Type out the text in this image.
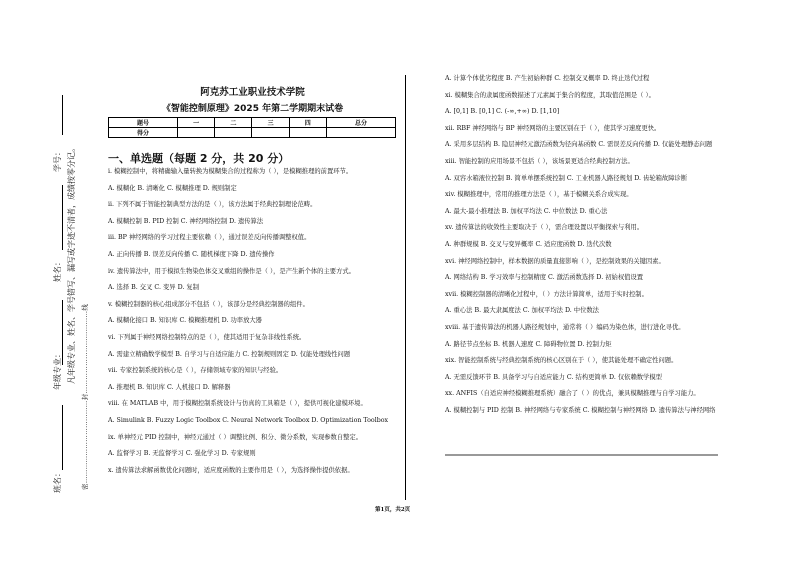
学号：
姓名：
年级专业：
班名：
凡年级专业、姓名、学号错写、漏写或字迹不清者，成绩按零分记。
密………………………………封………………………………线
阿克苏工业职业技术学院
《智能控制原理》2025 年第二学期期末试卷
题号	一	二	三	四	总分
得分					
一、单选题（每题 2 分，共 20 分）

i. 模糊控制中，将精确输入量转换为模糊集合的过程称为（ ），是模糊推理的前置环节。

A. 模糊化 B. 清晰化 C. 模糊推理 D. 规则制定

ii. 下列不属于智能控制典型方法的是（ ），该方法属于经典控制理论范畴。

A. 模糊控制 B. PID 控制 C. 神经网络控制 D. 遗传算法

iii. BP 神经网络的学习过程主要依赖（ ），通过误差反向传播调整权值。

A. 正向传播 B. 误差反向传播 C. 随机梯度下降 D. 遗传操作

iv. 遗传算法中，用于模拟生物染色体交叉重组的操作是（ ），是产生新个体的主要方式。

A. 选择 B. 交叉 C. 变异 D. 复制

v. 模糊控制器的核心组成部分不包括（ ），该部分是经典控制器的组件。

A. 模糊化接口 B. 知识库 C. 模糊推理机 D. 功率放大器

vi. 下列属于神经网络控制特点的是（ ），使其适用于复杂非线性系统。

A. 需建立精确数学模型 B. 自学习与自适应能力 C. 控制规则固定 D. 仅能处理线性问题

vii. 专家控制系统的核心是（ ），存储领域专家的知识与经验。

A. 推理机 B. 知识库 C. 人机接口 D. 解释器

viii. 在 MATLAB 中，用于模糊控制系统设计与仿真的工具箱是（ ），提供可视化建模环境。

A. Simulink B. Fuzzy Logic Toolbox C. Neural Network Toolbox D. Optimization Toolbox

ix. 单神经元 PID 控制中，神经元通过（ ）调整比例、积分、微分系数，实现参数自整定。

A. 监督学习 B. 无监督学习 C. 强化学习 D. 专家规则

x. 遗传算法求解函数优化问题时，适应度函数的主要作用是（ ），为选择操作提供依据。

A. 计算个体优劣程度 B. 产生初始种群 C. 控制交叉概率 D. 终止迭代过程

xi. 模糊集合的隶属度函数描述了元素属于集合的程度，其取值范围是（ ）。

A. [0,1] B. [0,1] C. (-∞,+∞) D. [1,10]

xii. RBF 神经网络与 BP 神经网络的主要区别在于（ ），使其学习速度更快。

A. 采用多层结构 B. 隐层神经元激活函数为径向基函数 C. 需误差反向传播 D. 仅能处理静态问题

xiii. 智能控制的应用场景不包括（ ），该场景更适合经典控制方法。

A. 双容水箱液位控制 B. 简单单摆系统控制 C. 工业机器人路径规划 D. 齿轮箱故障诊断

xiv. 模糊推理中，常用的推理方法是（ ），基于模糊关系合成实现。

A. 最大-最小推理法 B. 加权平均法 C. 中位数法 D. 重心法

xv. 遗传算法的收敛性主要取决于（ ），需合理设置以平衡探索与利用。

A. 种群规模 B. 交叉与变异概率 C. 适应度函数 D. 迭代次数

xvi. 神经网络控制中，样本数据的质量直接影响（ ），是控制效果的关键因素。

A. 网络结构 B. 学习效率与控制精度 C. 激活函数选择 D. 初始权值设置

xvii. 模糊控制器的清晰化过程中，（ ）方法计算简单，适用于实时控制。

A. 重心法 B. 最大隶属度法 C. 加权平均法 D. 中位数法

xviii. 基于遗传算法的机器人路径规划中，通常将（ ）编码为染色体，进行进化寻优。

A. 路径节点坐标 B. 机器人速度 C. 障碍物位置 D. 控制力矩

xix. 智能控制系统与经典控制系统的核心区别在于（ ），使其能处理不确定性问题。

A. 无需反馈环节 B. 具备学习与自适应能力 C. 结构更简单 D. 仅依赖数学模型

xx. ANFIS（自适应神经模糊推理系统）融合了（ ）的优点，兼具模糊推理与自学习能力。

A. 模糊控制与 PID 控制 B. 神经网络与专家系统 C. 模糊控制与神经网络 D. 遗传算法与神经网络

第1页，共2页
